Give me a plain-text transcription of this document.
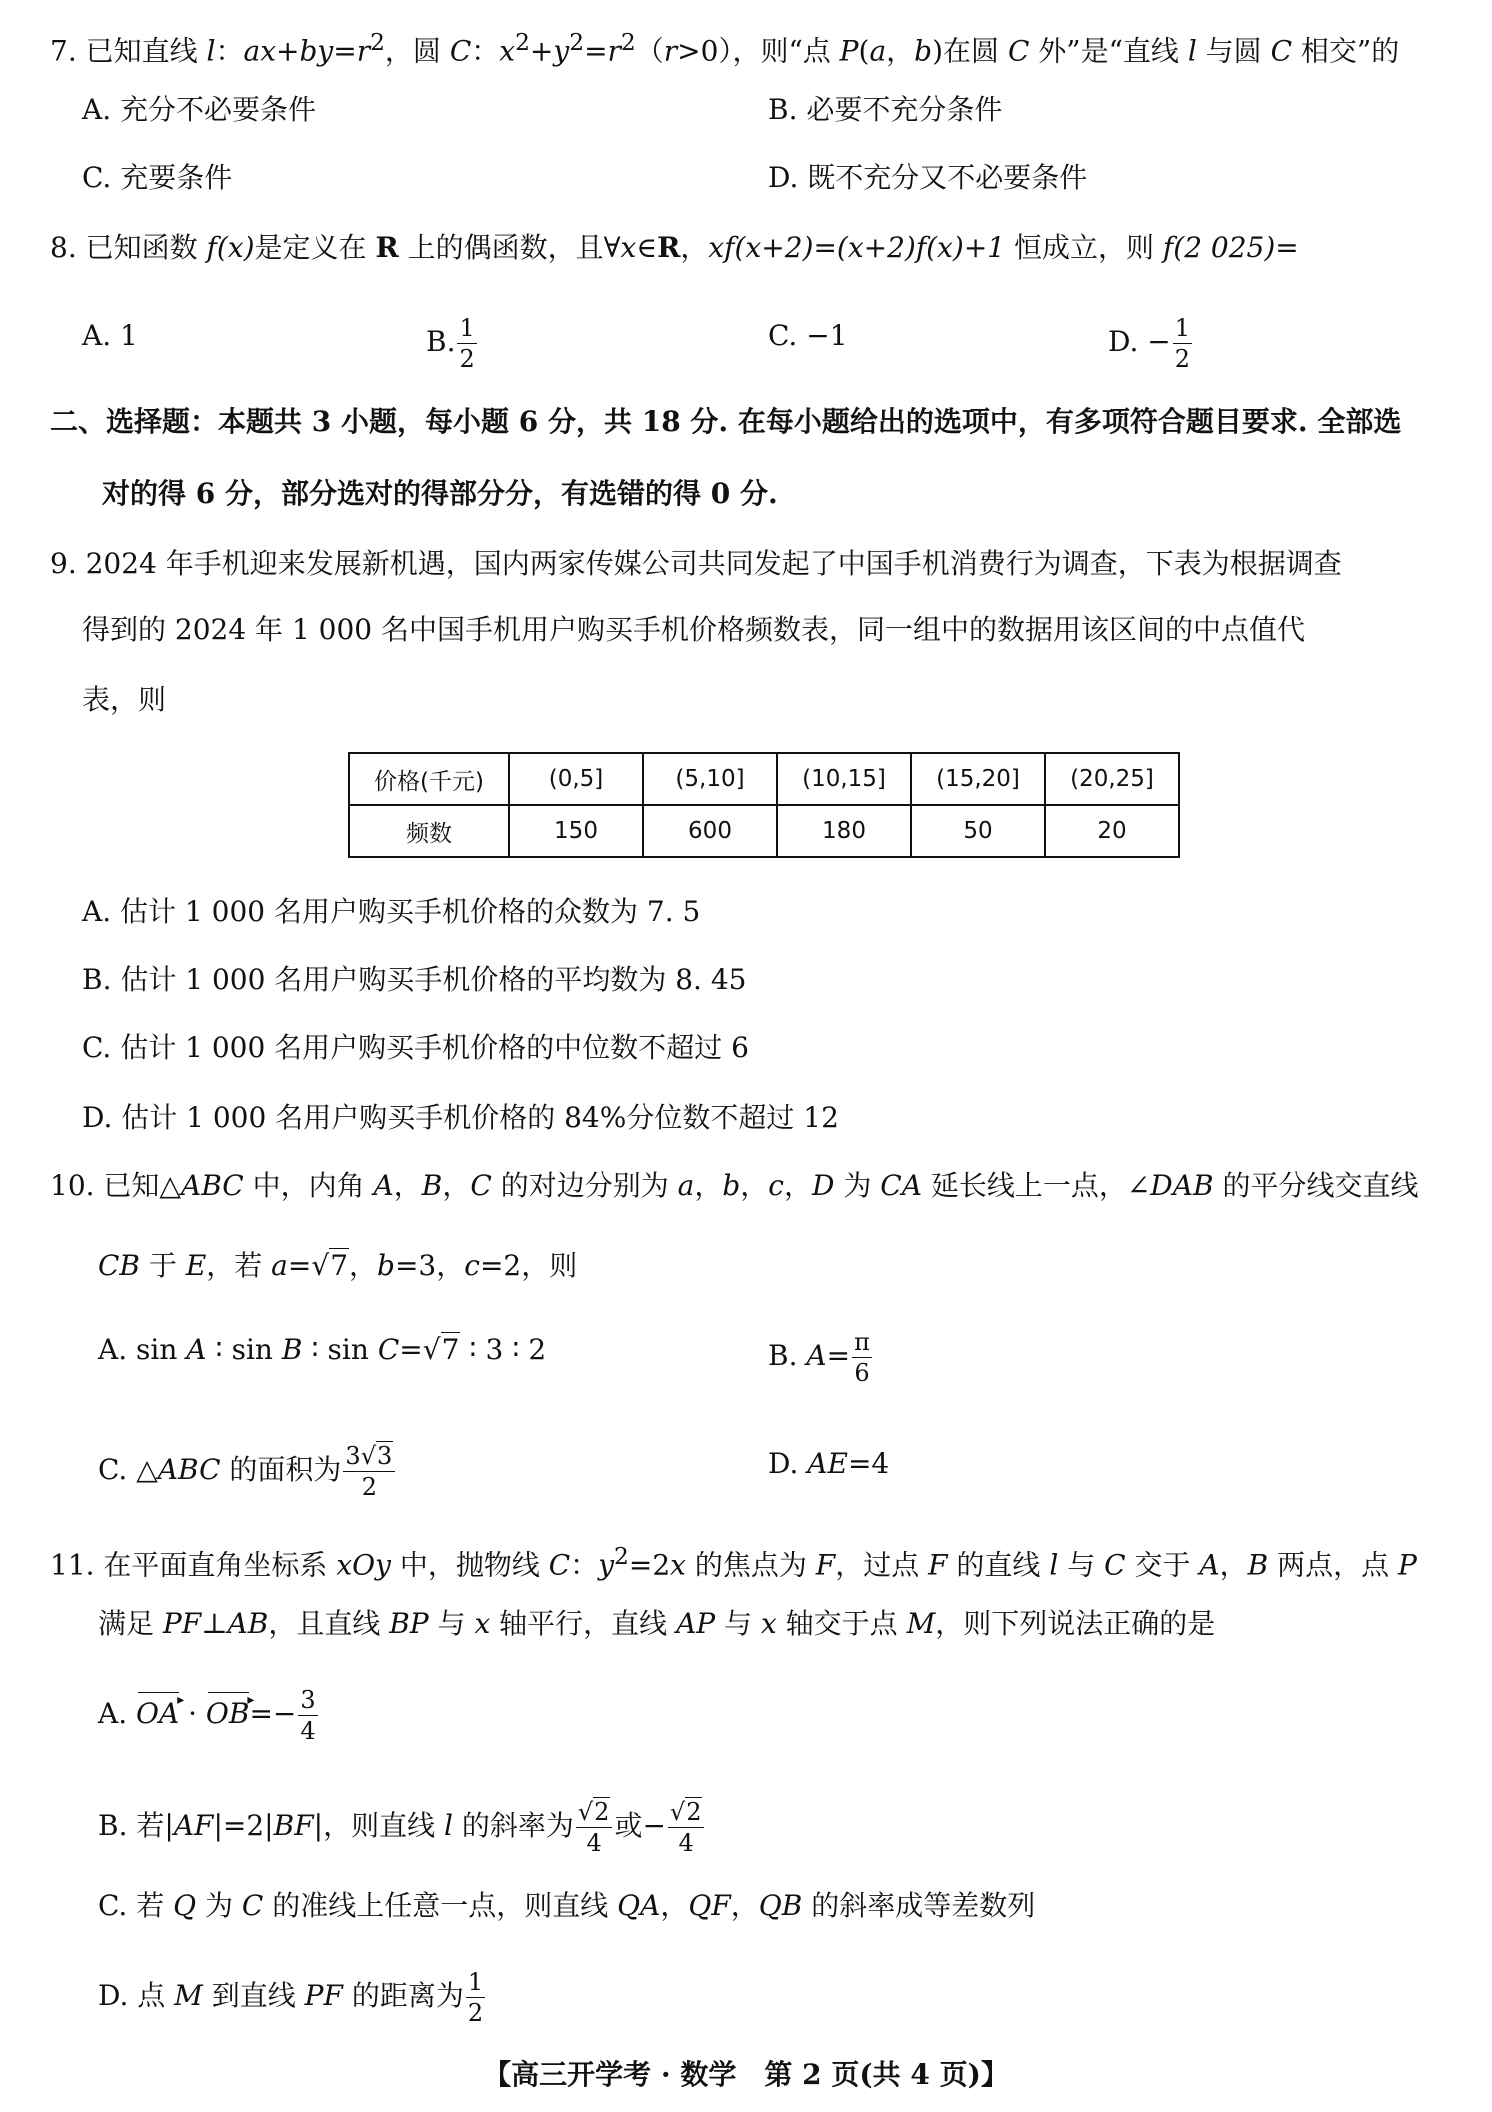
7. 已知直线 l：$ax+by=r^2$，圆 C：$x^2+y^2=r^2(r>0)$，则“点 P(a，b)在圆 C 外”是“直线 l 与圆 C 相交”的
A. 充分不必要条件	B. 必要不充分条件
C. 充要条件	D. 既不充分又不必要条件
8. 已知函数 f(x)是定义在 R 上的偶函数，且∀x∈R，xf(x+2)=(x+2)f(x)+1 恒成立，则 f(2 025)=
A. 1	B. $\frac{1}{2}$	C. −1	D. − $\frac{1}{2}$
二、选择题：本题共 3 小题，每小题 6 分，共 18 分. 在每小题给出的选项中，有多项符合题目要求. 全部选
对的得 6 分，部分选对的得部分分，有选错的得 0 分.
9. 2024 年手机迎来发展新机遇，国内两家传媒公司共同发起了中国手机消费行为调查，下表为根据调查
得到的 2024 年 1 000 名中国手机用户购买手机价格频数表，同一组中的数据用该区间的中点值代
表，则
价格(千元)	(0,5]	(5,10]	(10,15]	(15,20]	(20,25]
频数	150	600	180	50	20
A. 估计 1 000 名用户购买手机价格的众数为 7. 5
B. 估计 1 000 名用户购买手机价格的平均数为 8. 45
C. 估计 1 000 名用户购买手机价格的中位数不超过 6
D. 估计 1 000 名用户购买手机价格的 84%分位数不超过 12
10. 已知△ABC 中，内角 A，B，C 的对边分别为 a，b，c，D 为 CA 延长线上一点，∠DAB 的平分线交直线
CB 于 E，若 a=√7，b=3，c=2，则
A. sin A ∶ sin B ∶ sin C=√7 ∶ 3 ∶ 2	B. $A= \frac{\pi}{6}$
C. △ABC 的面积为 $\frac{3√3}{2}$	D. AE=4
11. 在平面直角坐标系 xOy 中，抛物线 C：$y^2=2x$ 的焦点为 F，过点 F 的直线 l 与 C 交于 A，B 两点，点 P
满足 PF⊥AB，且直线 BP 与 x 轴平行，直线 AP 与 x 轴交于点 M，则下列说法正确的是
A. OA ▸ · OB ▸=− $\frac{3}{4}$
B. 若|AF|=2|BF|，则直线 l 的斜率为 $\frac{√2}{4}$ 或− $\frac{√2}{4}$
C. 若 Q 为 C 的准线上任意一点，则直线 QA，QF，QB 的斜率成等差数列
D. 点 M 到直线 PF 的距离为 $\frac{1}{2}$
【高三开学考 · 数学　第 2 页(共 4 页)】
